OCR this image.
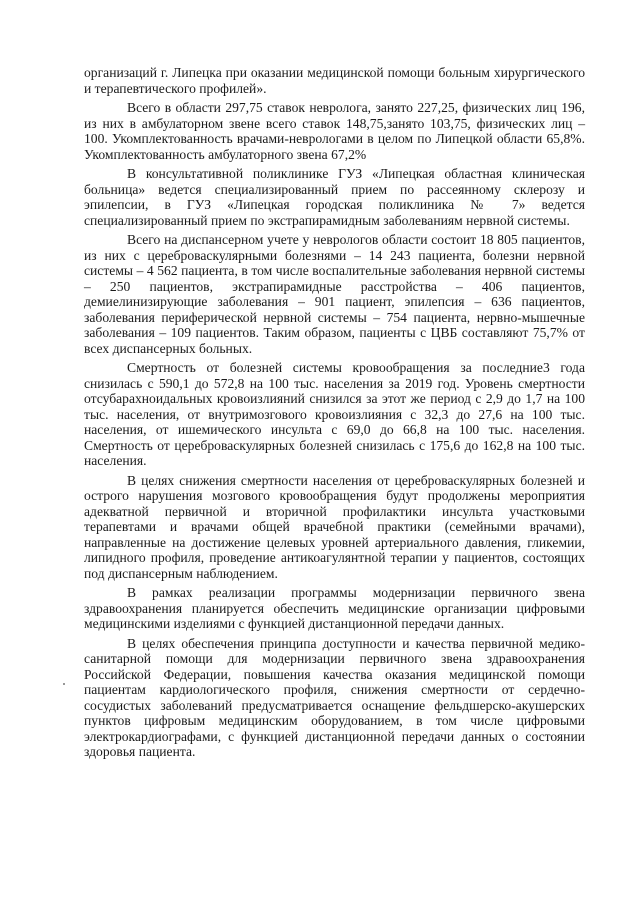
организаций г. Липецка при оказании медицинской помощи больным хирургического и терапевтического профилей».

Всего в области 297,75 ставок невролога, занято 227,25, физических лиц 196, из них в амбулаторном звене всего ставок 148,75,занято 103,75, физических лиц – 100. Укомплектованность врачами-неврологами в целом по Липецкой области 65,8%. Укомплектованность амбулаторного звена 67,2%

В консультативной поликлинике ГУЗ «Липецкая областная клиническая больница» ведется специализированный прием по рассеянному склерозу и эпилепсии, в ГУЗ «Липецкая городская поликлиника № 7» ведется специализированный прием по экстрапирамидным заболеваниям нервной системы.

Всего на диспансерном учете у неврологов области состоит 18 805 пациентов, из них с цереброваскулярными болезнями – 14 243 пациента, болезни нервной системы – 4 562 пациента, в том числе воспалительные заболевания нервной системы – 250 пациентов, экстрапирамидные расстройства – 406 пациентов, демиелинизирующие заболевания – 901 пациент, эпилепсия – 636 пациентов, заболевания периферической нервной системы – 754 пациента, нервно-мышечные заболевания – 109 пациентов. Таким образом, пациенты с ЦВБ составляют 75,7% от всех диспансерных больных.

Смертность от болезней системы кровообращения за последние3 года снизилась с 590,1 до 572,8 на 100 тыс. населения за 2019 год. Уровень смертности отсубарахноидальных кровоизлияний снизился за этот же период с 2,9 до 1,7 на 100 тыс. населения, от внутримозгового кровоизлияния с 32,3 до 27,6 на 100 тыс. населения, от ишемического инсульта с 69,0 до 66,8 на 100 тыс. населения. Смертность от цереброваскулярных болезней снизилась с 175,6 до 162,8 на 100 тыс. населения.

В целях снижения смертности населения от цереброваскулярных болезней и острого нарушения мозгового кровообращения будут продолжены мероприятия адекватной первичной и вторичной профилактики инсульта участковыми терапевтами и врачами общей врачебной практики (семейными врачами), направленные на достижение целевых уровней артериального давления, гликемии, липидного профиля, проведение антикоагулянтной терапии у пациентов, состоящих под диспансерным наблюдением.

В рамках реализации программы модернизации первичного звена здравоохранения планируется обеспечить медицинские организации цифровыми медицинскими изделиями с функцией дистанционной передачи данных.

В целях обеспечения принципа доступности и качества первичной медико-санитарной помощи для модернизации первичного звена здравоохранения Российской Федерации, повышения качества оказания медицинской помощи пациентам кардиологического профиля, снижения смертности от сердечно-сосудистых заболеваний предусматривается оснащение фельдшерско-акушерских пунктов цифровым медицинским оборудованием, в том числе цифровыми электрокардиографами, с функцией дистанционной передачи данных о состоянии здоровья пациента.
